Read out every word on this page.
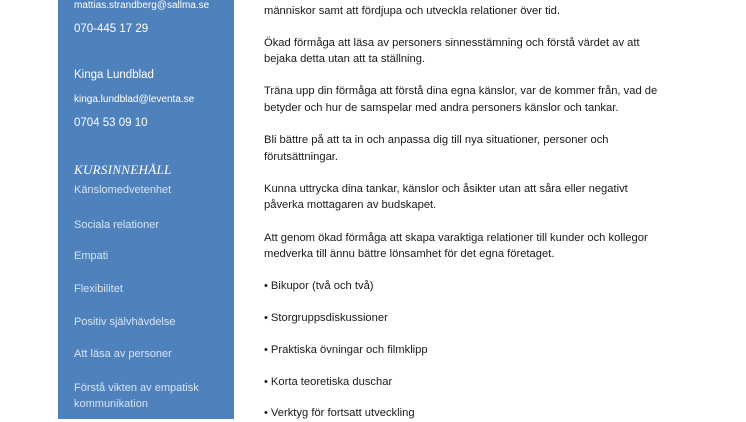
mattias.strandberg@sallma.se
070-445 17 29
Kinga Lundblad
kinga.lundblad@leventa.se
0704 53 09 10
KURSINNEHÅLL
Känslomedvetenhet
Sociala relationer
Empati
Flexibilitet
Positiv självhävdelse
Att läsa av personer
Förstå vikten av empatisk
kommunikation
människor samt att fördjupa och utveckla relationer över tid.
Ökad förmåga att läsa av personers sinnesstämning och förstå värdet av att
bejaka detta utan att ta ställning.
Träna upp din förmåga att förstå dina egna känslor, var de kommer från, vad de
betyder och hur de samspelar med andra personers känslor och tankar.
Bli bättre på att ta in och anpassa dig till nya situationer, personer och
förutsättningar.
Kunna uttrycka dina tankar, känslor och åsikter utan att såra eller negativt
påverka mottagaren av budskapet.
Att genom ökad förmåga att skapa varaktiga relationer till kunder och kollegor
medverka till ännu bättre lönsamhet för det egna företaget.
• Bikupor (två och två)
• Storgruppsdiskussioner
• Praktiska övningar och filmklipp
• Korta teoretiska duschar
• Verktyg för fortsatt utveckling
